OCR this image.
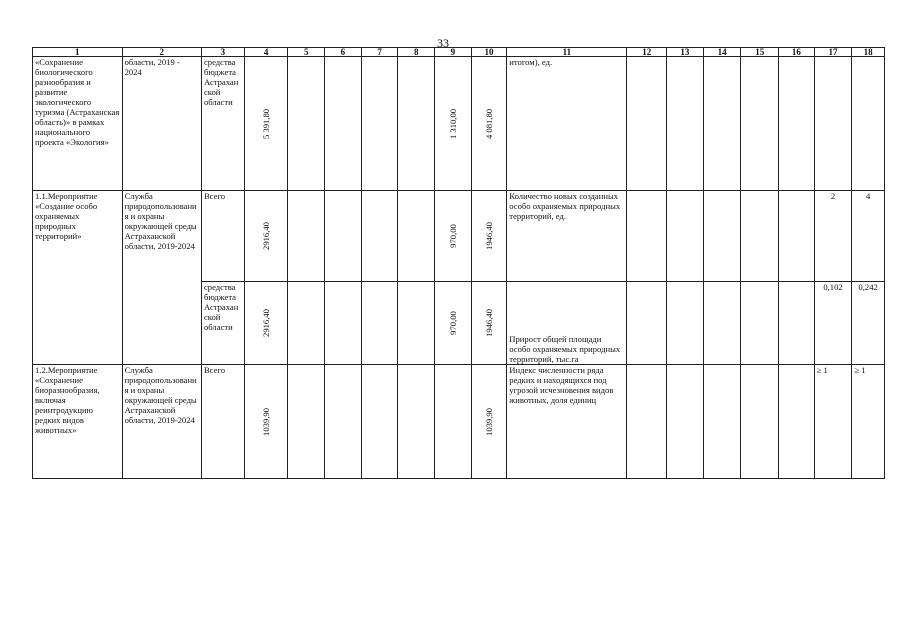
33
1	2	3	4	5	6	7	8	9	10	11	12	13	14	15	16	17	18
«Сохранение биологического разнообразия и развитие экологического туризма (Астраханская область)» в рамках национального проекта «Экология»	области, 2019 - 2024	средства бюджета Астраханской области	5 391,80					1 310,00	4 081,80	итогом), ед.							
1.1.Мероприятие «Создание особо охраняемых природных территорий»	Служба природопользования и охраны окружающей среды Астраханской области, 2019-2024	Всего	2916,40					970,00	1946,40	Количество новых созданных особо охраняемых природных территорий, ед.						2	4
		средства бюджета Астраханской области	2916,40					970,00	1946,40	Прирост общей площади особо охраняемых природных территорий, тыс.га						0,102	0,242
1.2.Мероприятие «Сохранение биоразнообразия, включая реинтродукцию редких видов животных»	Служба природопользования и охраны окружающей среды Астраханской области, 2019-2024	Всего	1039,90						1039,90	Индекс численности ряда редких и находящихся под угрозой исчезновения видов животных, доля единиц						≥ 1	≥ 1
